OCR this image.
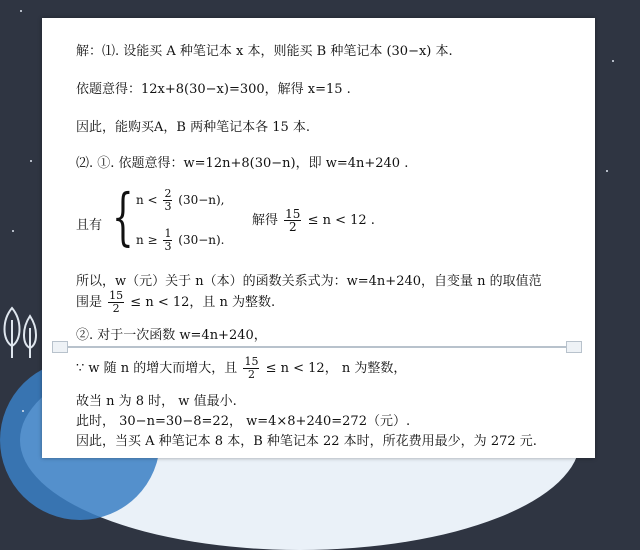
解：⑴. 设能买 A 种笔记本 x 本，则能买 B 种笔记本 (30−x) 本.
依题意得：12x+8(30−x)=300，解得 x=15 .
因此，能购买A，B 两种笔记本各 15 本.
⑵. ①. 依题意得：w=12n+8(30−n)，即 w=4n+240 .
且有 { $n < \frac{2}{3} (30-n)$,
$n \ge \frac{1}{3} (30-n)$.
解得 $\frac{15}{2} \le n < 12$ .
所以，w（元）关于 n（本）的函数关系式为：w=4n+240，自变量 n 的取值范
围是 $\frac{15}{2} \le n < 12$，且 n 为整数.
②. 对于一次函数 w=4n+240，
∵ w 随 n 的增大而增大，且 $\frac{15}{2} \le n < 12$， n 为整数，
故当 n 为 8 时， w 值最小.
此时， 30−n=30−8=22， w=4×8+240=272（元）.
因此，当买 A 种笔记本 8 本，B 种笔记本 22 本时，所花费用最少，为 272 元.
